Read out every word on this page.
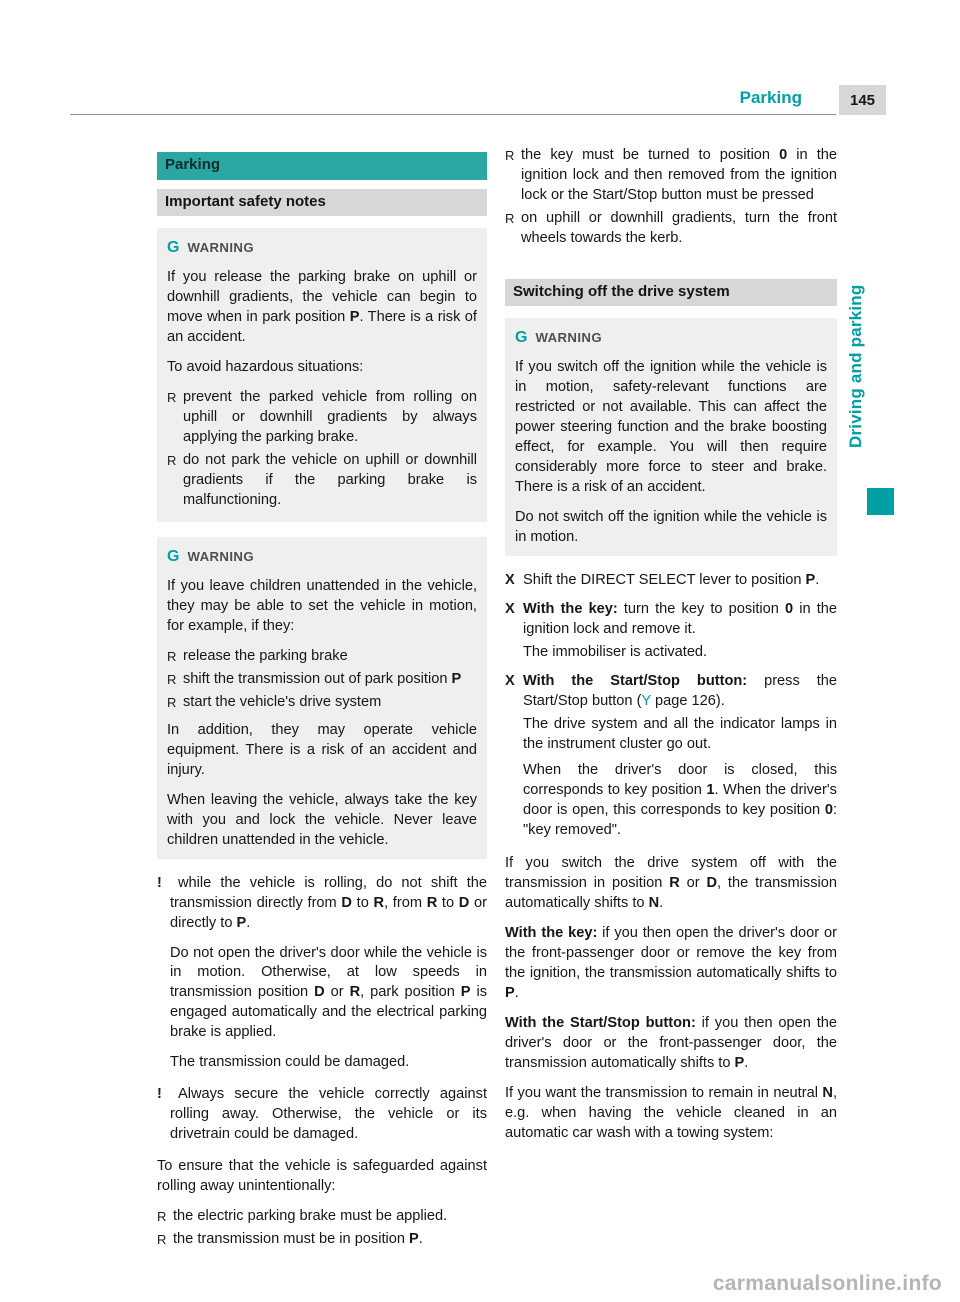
Parking	145
Driving and parking
Parking
Important safety notes
G WARNING

If you release the parking brake on uphill or downhill gradients, the vehicle can begin to move when in park position P. There is a risk of an accident.

To avoid hazardous situations:

R prevent the parked vehicle from rolling on uphill or downhill gradients by always applying the parking brake.
R do not park the vehicle on uphill or downhill gradients if the parking brake is malfunctioning.
G WARNING

If you leave children unattended in the vehicle, they may be able to set the vehicle in motion, for example, if they:

R release the parking brake
R shift the transmission out of park position P
R start the vehicle's drive system

In addition, they may operate vehicle equipment. There is a risk of an accident and injury.

When leaving the vehicle, always take the key with you and lock the vehicle. Never leave children unattended in the vehicle.

! while the vehicle is rolling, do not shift the transmission directly from D to R, from R to D or directly to P.

Do not open the driver's door while the vehicle is in motion. Otherwise, at low speeds in transmission position D or R, park position P is engaged automatically and the electrical parking brake is applied.

The transmission could be damaged.

! Always secure the vehicle correctly against rolling away. Otherwise, the vehicle or its drivetrain could be damaged.

To ensure that the vehicle is safeguarded against rolling away unintentionally:

R the electric parking brake must be applied.
R the transmission must be in position P.
R the key must be turned to position 0 in the ignition lock and then removed from the ignition lock or the Start/Stop button must be pressed
R on uphill or downhill gradients, turn the front wheels towards the kerb.
Switching off the drive system
G WARNING

If you switch off the ignition while the vehicle is in motion, safety-relevant functions are restricted or not available. This can affect the power steering function and the brake boosting effect, for example. You will then require considerably more force to steer and brake. There is a risk of an accident.

Do not switch off the ignition while the vehicle is in motion.

X Shift the DIRECT SELECT lever to position P.

X With the key: turn the key to position 0 in the ignition lock and remove it.

The immobiliser is activated.

X With the Start/Stop button: press the Start/Stop button (Y page 126).

The drive system and all the indicator lamps in the instrument cluster go out.

When the driver's door is closed, this corresponds to key position 1. When the driver's door is open, this corresponds to key position 0: "key removed".

If you switch the drive system off with the transmission in position R or D, the transmission automatically shifts to N.

With the key: if you then open the driver's door or the front-passenger door or remove the key from the ignition, the transmission automatically shifts to P.

With the Start/Stop button: if you then open the driver's door or the front-passenger door, the transmission automatically shifts to P.

If you want the transmission to remain in neutral N, e.g. when having the vehicle cleaned in an automatic car wash with a towing system:

carmanualsonline.info
